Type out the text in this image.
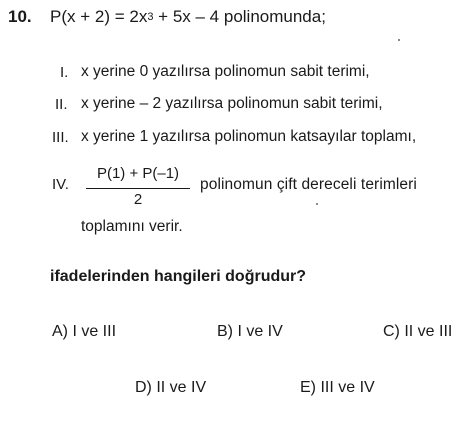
10. $P(x + 2) = 2x^3 + 5x - 4$ polinomunda;
I. x yerine 0 yazılırsa polinomun sabit terimi,
II. x yerine – 2 yazılırsa polinomun sabit terimi,
III. x yerine 1 yazılırsa polinomun katsayılar toplamı,
IV.
P(1) + P(–1)
2
polinomun çift dereceli terimleri
toplamını verir.
ifadelerinden hangileri doğrudur?
A) I ve III	B) I ve IV	C) II ve III
D) II ve IV	E) III ve IV
